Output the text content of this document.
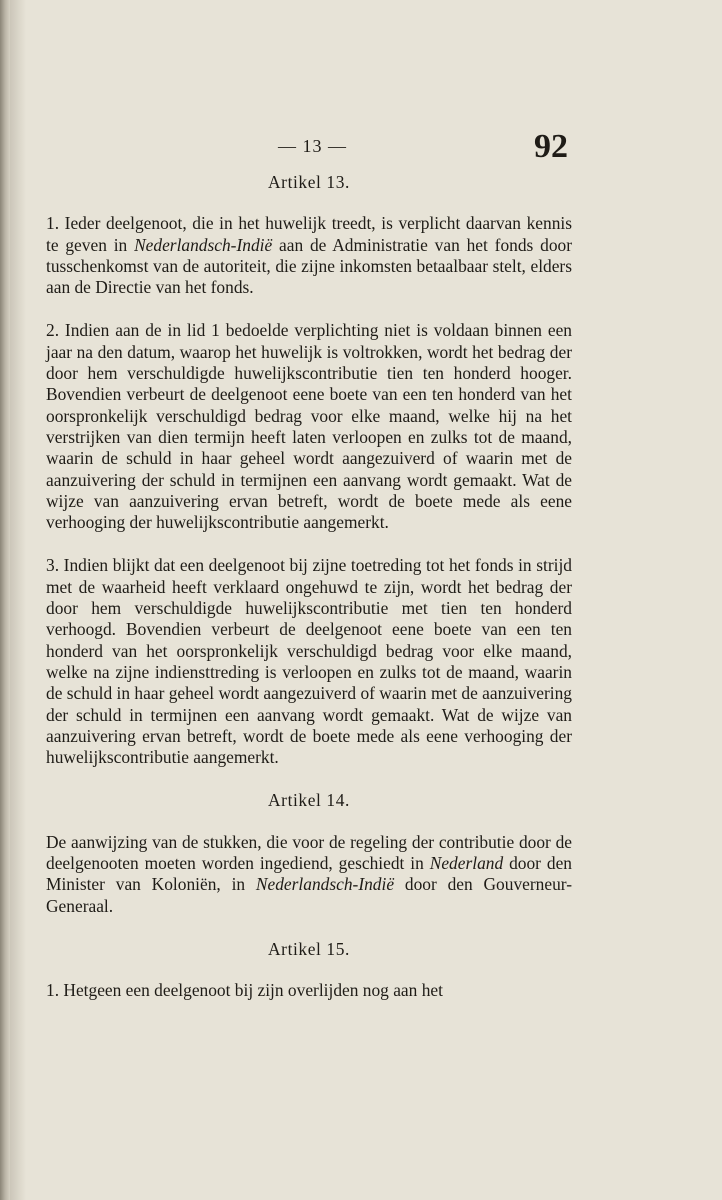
— 13 —	92

Artikel 13.

1. Ieder deelgenoot, die in het huwelijk treedt, is verplicht daarvan kennis te geven in Nederlandsch-Indië aan de Administratie van het fonds door tusschenkomst van de autoriteit, die zijne inkomsten betaalbaar stelt, elders aan de Directie van het fonds.

2. Indien aan de in lid 1 bedoelde verplichting niet is voldaan binnen een jaar na den datum, waarop het huwelijk is voltrokken, wordt het bedrag der door hem verschuldigde huwelijkscontributie tien ten honderd hooger. Bovendien verbeurt de deelgenoot eene boete van een ten honderd van het oorspronkelijk verschuldigd bedrag voor elke maand, welke hij na het verstrijken van dien termijn heeft laten verloopen en zulks tot de maand, waarin de schuld in haar geheel wordt aangezuiverd of waarin met de aanzuivering der schuld in termijnen een aanvang wordt gemaakt. Wat de wijze van aanzuivering ervan betreft, wordt de boete mede als eene verhooging der huwelijkscontributie aangemerkt.

3. Indien blijkt dat een deelgenoot bij zijne toetreding tot het fonds in strijd met de waarheid heeft verklaard ongehuwd te zijn, wordt het bedrag der door hem verschuldigde huwelijkscontributie met tien ten honderd verhoogd. Bovendien verbeurt de deelgenoot eene boete van een ten honderd van het oorspronkelijk verschuldigd bedrag voor elke maand, welke na zijne indiensttreding is verloopen en zulks tot de maand, waarin de schuld in haar geheel wordt aangezuiverd of waarin met de aanzuivering der schuld in termijnen een aanvang wordt gemaakt. Wat de wijze van aanzuivering ervan betreft, wordt de boete mede als eene verhooging der huwelijkscontributie aangemerkt.

Artikel 14.

De aanwijzing van de stukken, die voor de regeling der contributie door de deelgenooten moeten worden ingediend, geschiedt in Nederland door den Minister van Koloniën, in Nederlandsch-Indië door den Gouverneur-Generaal.

Artikel 15.

1. Hetgeen een deelgenoot bij zijn overlijden nog aan het
